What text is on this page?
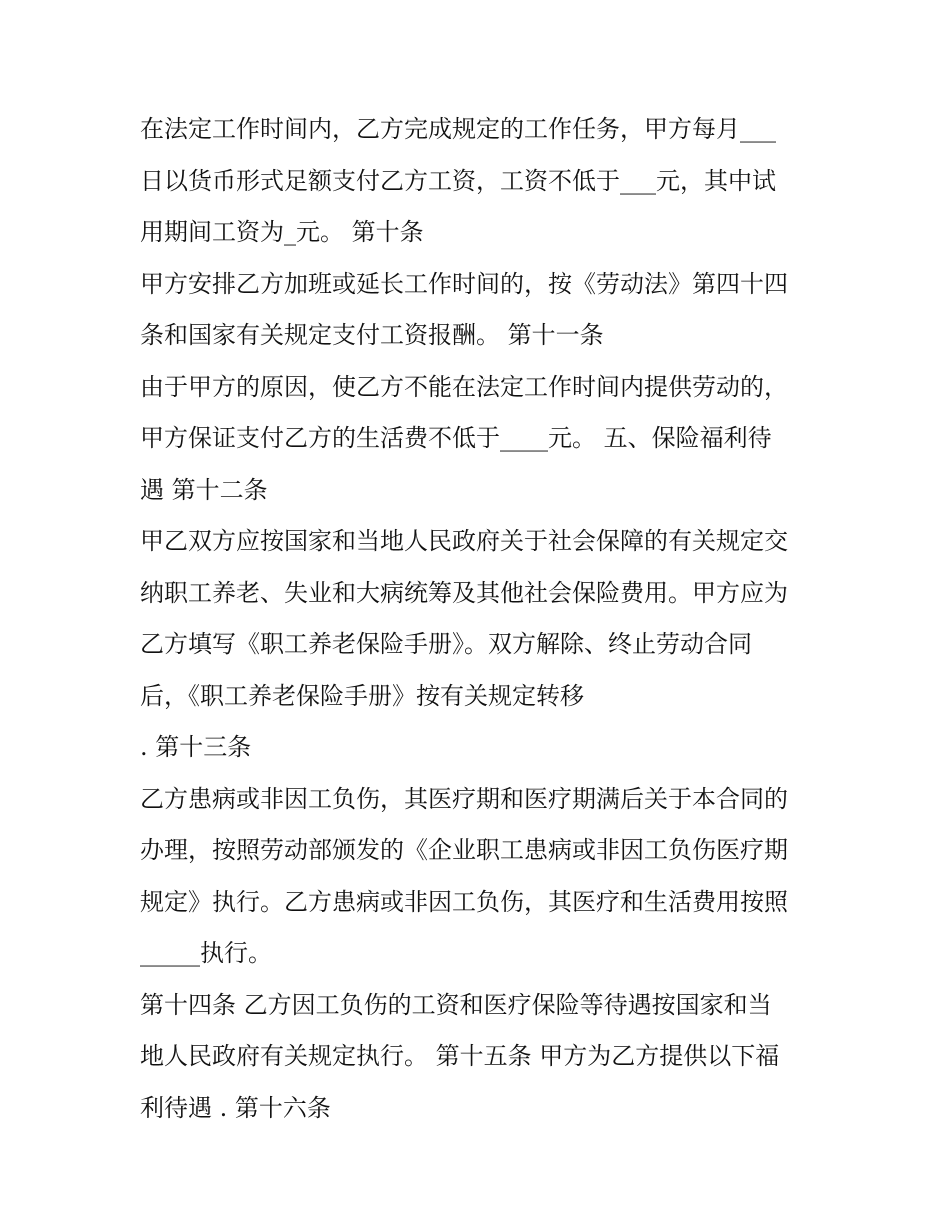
在法定工作时间内，乙方完成规定的工作任务，甲方每月___
日以货币形式足额支付乙方工资，工资不低于___元，其中试
用期间工资为_元。 第十条
甲方安排乙方加班或延长工作时间的，按《劳动法》第四十四
条和国家有关规定支付工资报酬。 第十一条
由于甲方的原因，使乙方不能在法定工作时间内提供劳动的，
甲方保证支付乙方的生活费不低于____元。 五、保险福利待
遇 第十二条
甲乙双方应按国家和当地人民政府关于社会保障的有关规定交
纳职工养老、失业和大病统筹及其他社会保险费用。甲方应为
乙方填写《职工养老保险手册》。双方解除、终止劳动合同
后，《职工养老保险手册》按有关规定转移
. 第十三条
乙方患病或非因工负伤，其医疗期和医疗期满后关于本合同的
办理，按照劳动部颁发的《企业职工患病或非因工负伤医疗期
规定》执行。乙方患病或非因工负伤，其医疗和生活费用按照
_____执行。
第十四条 乙方因工负伤的工资和医疗保险等待遇按国家和当
地人民政府有关规定执行。 第十五条 甲方为乙方提供以下福
利待遇 . 第十六条
